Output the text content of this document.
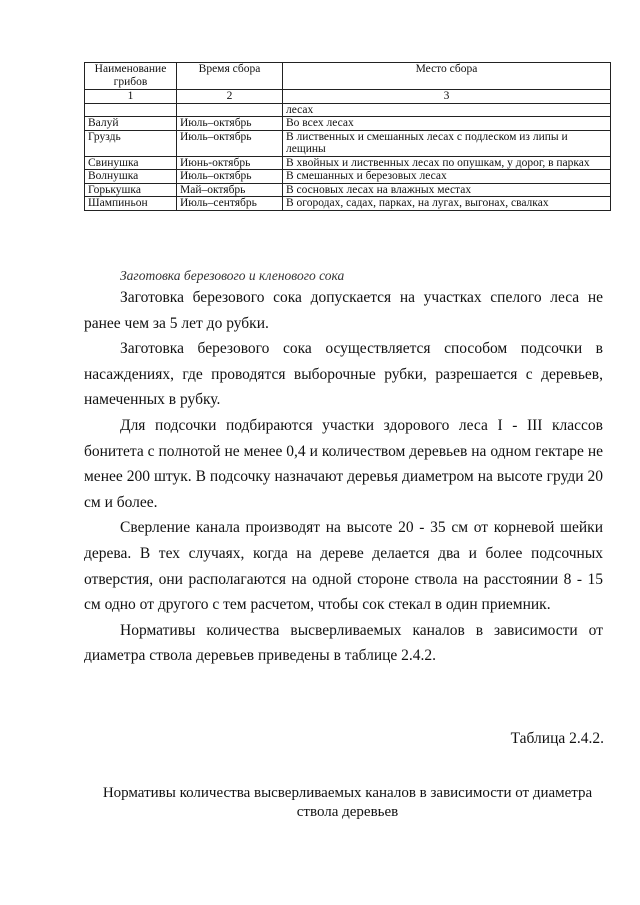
Наименование грибов	Время сбора	Место сбора
1	2	3
		лесах
Валуй	Июль–октябрь	Во всех лесах
Груздь	Июль–октябрь	В лиственных и смешанных лесах с подлеском из липы и лещины
Свинушка	Июнь-октябрь	В хвойных и лиственных лесах по опушкам, у дорог, в парках
Волнушка	Июль–октябрь	В смешанных и березовых лесах
Горькушка	Май–октябрь	В сосновых лесах на влажных местах
Шампиньон	Июль–сентябрь	В огородах, садах, парках, на лугах, выгонах, свалках
Заготовка березового и кленового сока

Заготовка березового сока допускается на участках спелого леса не ранее чем за 5 лет до рубки.

Заготовка березового сока осуществляется способом подсочки в насаждениях, где проводятся выборочные рубки, разрешается с деревьев, намеченных в рубку.

Для подсочки подбираются участки здорового леса I - III классов бонитета с полнотой не менее 0,4 и количеством деревьев на одном гектаре не менее 200 штук. В подсочку назначают деревья диаметром на высоте груди 20 см и более.

Сверление канала производят на высоте 20 - 35 см от корневой шейки дерева. В тех случаях, когда на дереве делается два и более подсочных отверстия, они располагаются на одной стороне ствола на расстоянии 8 - 15 см одно от другого с тем расчетом, чтобы сок стекал в один приемник.

Нормативы количества высверливаемых каналов в зависимости от диаметра ствола деревьев приведены в таблице 2.4.2.

Таблица 2.4.2.
Нормативы количества высверливаемых каналов в зависимости от диаметра ствола деревьев
